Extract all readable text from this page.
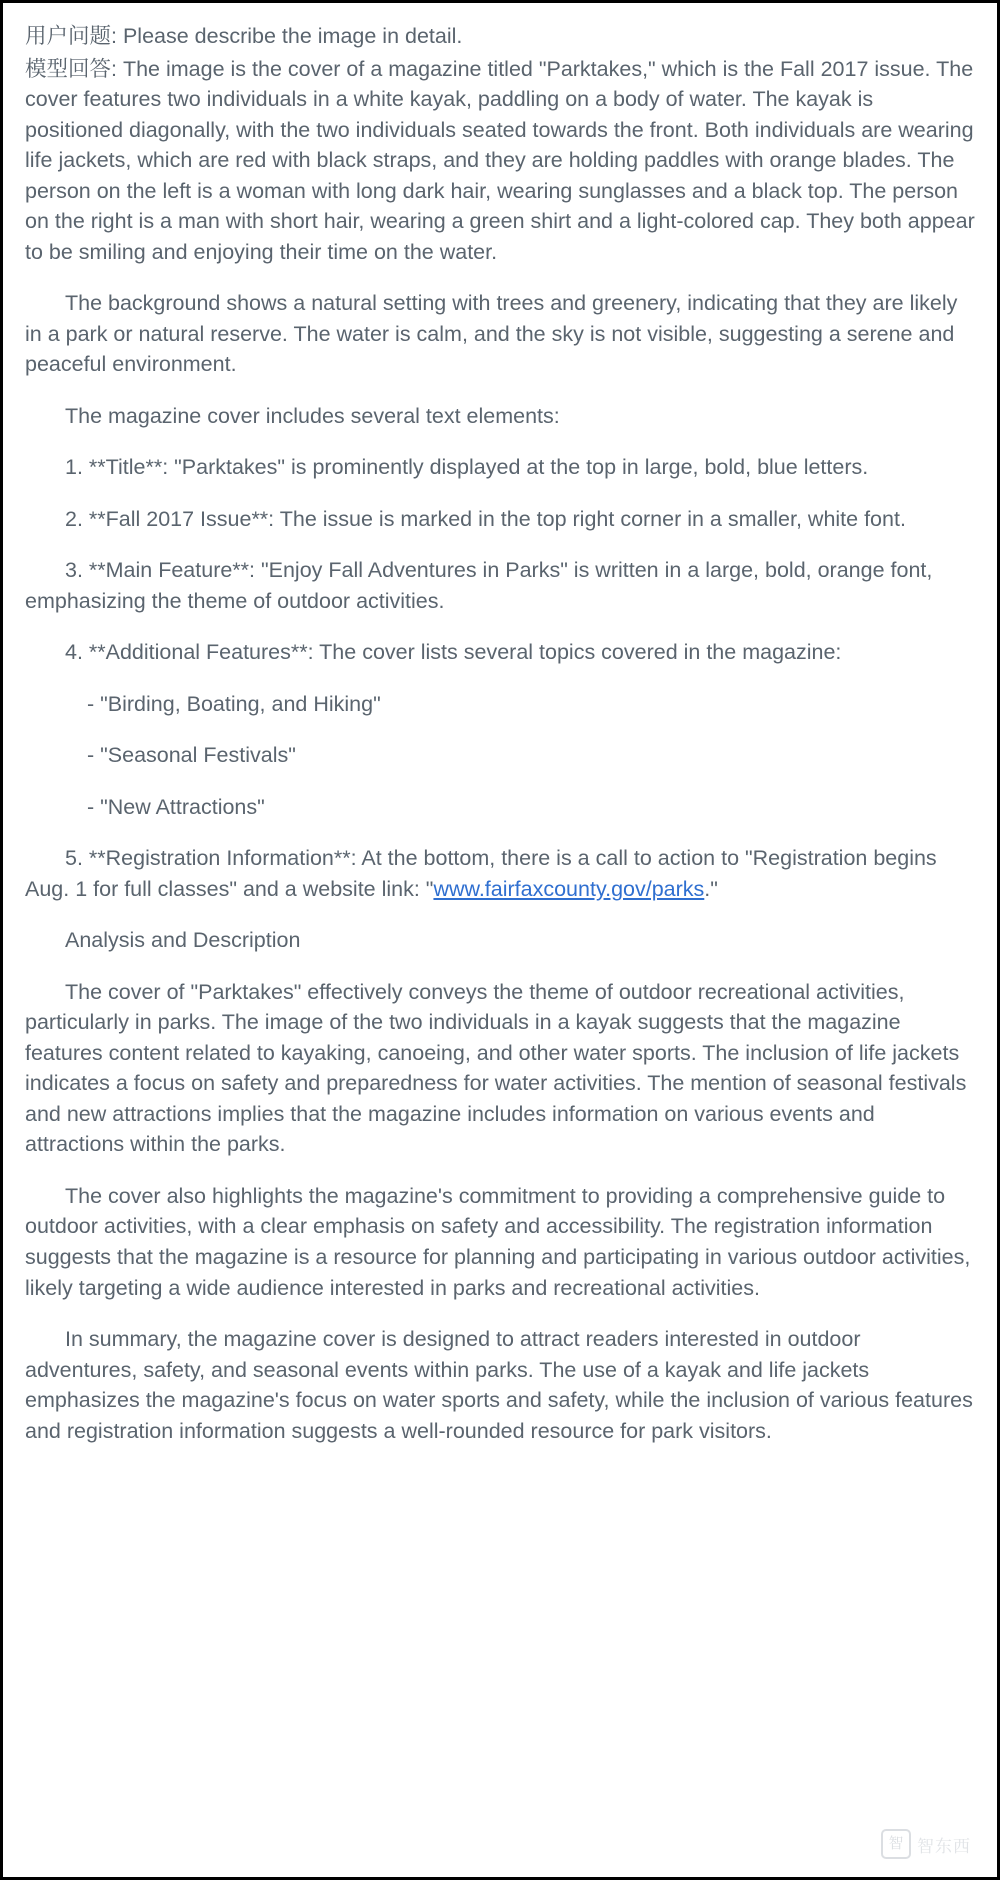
用户问题: Please describe the image in detail.

模型回答: The image is the cover of a magazine titled "Parktakes," which is the Fall 2017 issue. The cover features two individuals in a white kayak, paddling on a body of water. The kayak is positioned diagonally, with the two individuals seated towards the front. Both individuals are wearing life jackets, which are red with black straps, and they are holding paddles with orange blades. The person on the left is a woman with long dark hair, wearing sunglasses and a black top. The person on the right is a man with short hair, wearing a green shirt and a light-colored cap. They both appear to be smiling and enjoying their time on the water.

The background shows a natural setting with trees and greenery, indicating that they are likely in a park or natural reserve. The water is calm, and the sky is not visible, suggesting a serene and peaceful environment.

The magazine cover includes several text elements:

1. **Title**: "Parktakes" is prominently displayed at the top in large, bold, blue letters.

2. **Fall 2017 Issue**: The issue is marked in the top right corner in a smaller, white font.

3. **Main Feature**: "Enjoy Fall Adventures in Parks" is written in a large, bold, orange font, emphasizing the theme of outdoor activities.

4. **Additional Features**: The cover lists several topics covered in the magazine:

- "Birding, Boating, and Hiking"

- "Seasonal Festivals"

- "New Attractions"

5. **Registration Information**: At the bottom, there is a call to action to "Registration begins Aug. 1 for full classes" and a website link: "www.fairfaxcounty.gov/parks."

Analysis and Description

The cover of "Parktakes" effectively conveys the theme of outdoor recreational activities, particularly in parks. The image of the two individuals in a kayak suggests that the magazine features content related to kayaking, canoeing, and other water sports. The inclusion of life jackets indicates a focus on safety and preparedness for water activities. The mention of seasonal festivals and new attractions implies that the magazine includes information on various events and attractions within the parks.

The cover also highlights the magazine's commitment to providing a comprehensive guide to outdoor activities, with a clear emphasis on safety and accessibility. The registration information suggests that the magazine is a resource for planning and participating in various outdoor activities, likely targeting a wide audience interested in parks and recreational activities.

In summary, the magazine cover is designed to attract readers interested in outdoor adventures, safety, and seasonal events within parks. The use of a kayak and life jackets emphasizes the magazine's focus on water sports and safety, while the inclusion of various features and registration information suggests a well-rounded resource for park visitors.

智 智东西
